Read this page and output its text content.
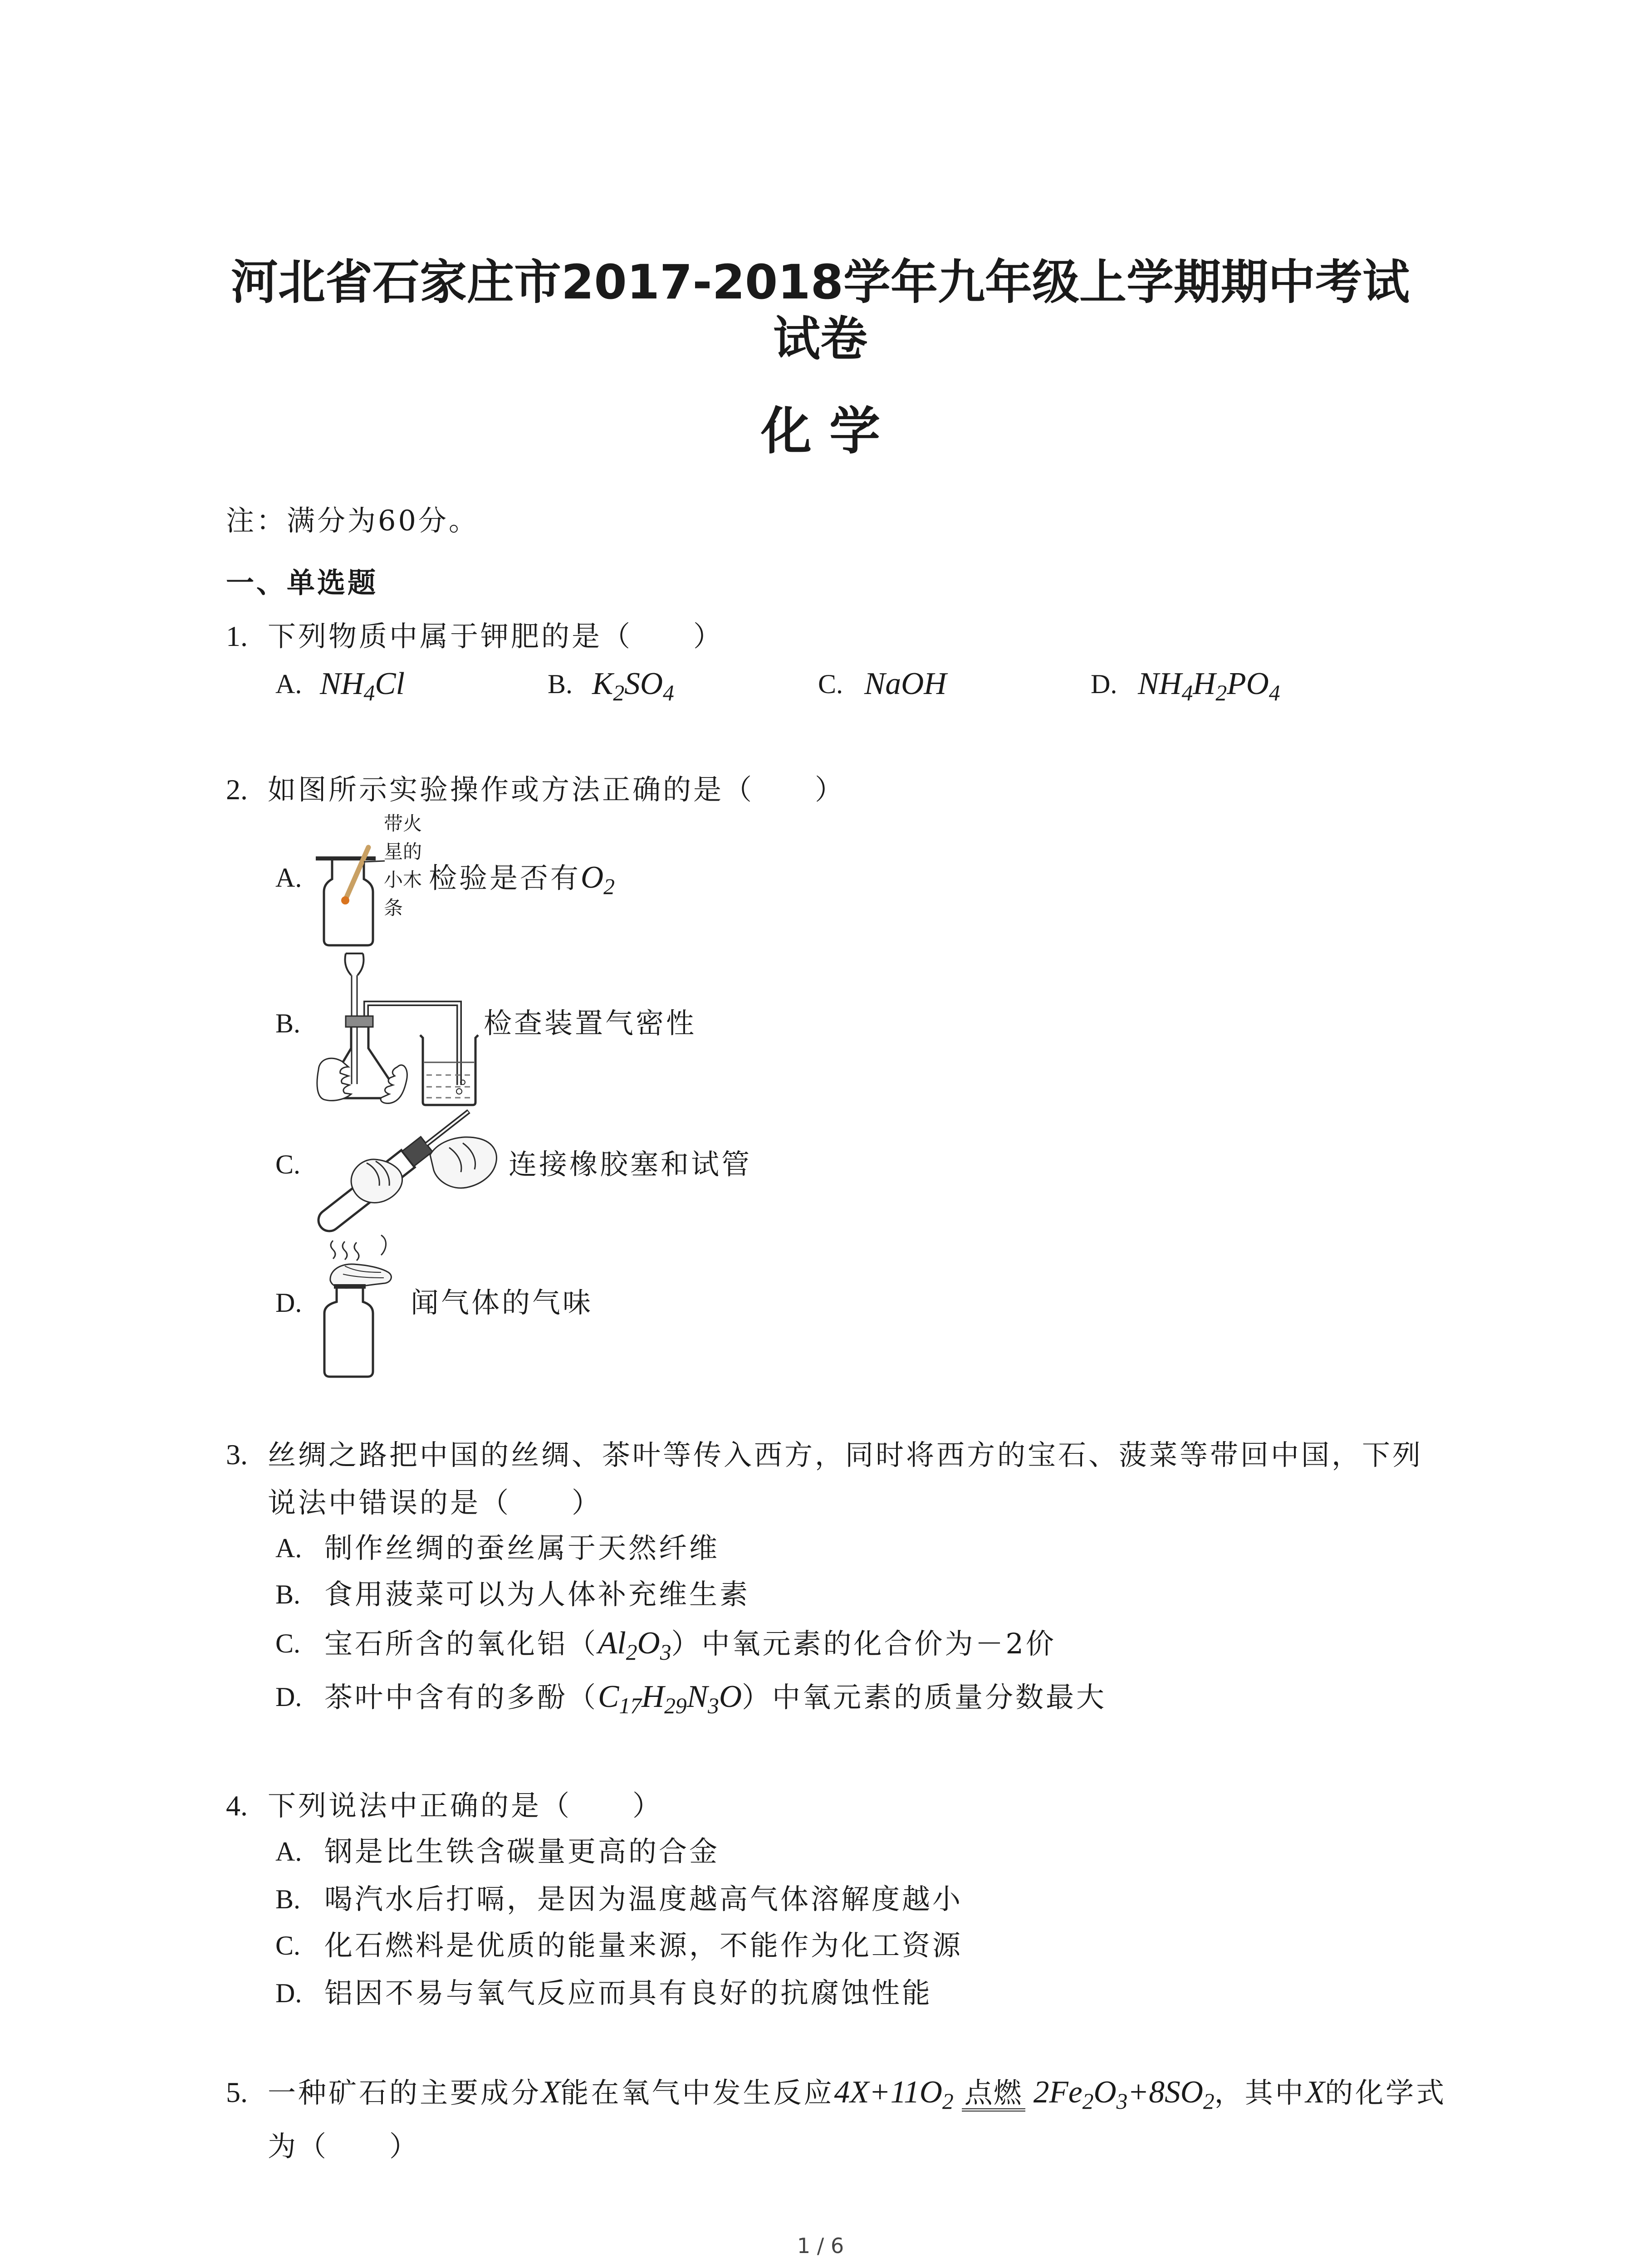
河北省石家庄市2017-2018学年九年级上学期期中考试试卷
化 学
注：满分为60分。
一、单选题
1. 下列物质中属于钾肥的是（　　）
A. $NH_4Cl$	B. $K_2SO_4$	C. NaOH	D. $NH_4H_2PO_4$
2. 如图所示实验操作或方法正确的是（　　）
A.
带火星的小木条
检验是否有$O_2$
B.	检查装置气密性
C.	连接橡胶塞和试管
D.	闻气体的气味
3. 丝绸之路把中国的丝绸、茶叶等传入西方，同时将西方的宝石、菠菜等带回中国，下列说法中错误的是（　　）
A. 制作丝绸的蚕丝属于天然纤维
B. 食用菠菜可以为人体补充维生素
C. 宝石所含的氧化铝$(Al_2O_3)$中氧元素的化合价为－2价
D. 茶叶中含有的多酚$(C_{17}H_{29}N_3O)$中氧元素的质量分数最大
4. 下列说法中正确的是（　　）
A. 钢是比生铁含碳量更高的合金
B. 喝汽水后打嗝，是因为温度越高气体溶解度越小
C. 化石燃料是优质的能量来源，不能作为化工资源
D. 铝因不易与氧气反应而具有良好的抗腐蚀性能
5. 一种矿石的主要成分X能在氧气中发生反应$4X+11O_2$ 点燃 $2Fe_2O_3+8SO_2$，其中X的化学式为（　　）
1 / 6
